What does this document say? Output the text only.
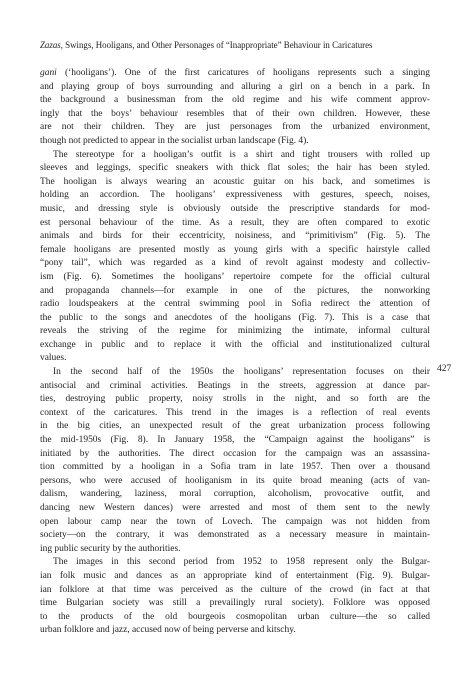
Zazas, Swings, Hooligans, and Other Personages of “Inappropriate” Behaviour in Caricatures
gani (‘hooligans’). One of the first caricatures of hooligans represents such a singing
and playing group of boys surrounding and alluring a girl on a bench in a park. In
the background a businessman from the old regime and his wife comment approv-
ingly that the boys’ behaviour resembles that of their own children. However, these
are not their children. They are just personages from the urbanized environment,
though not predicted to appear in the socialist urban landscape (Fig. 4).
The stereotype for a hooligan’s outfit is a shirt and tight trousers with rolled up
sleeves and leggings, specific sneakers with thick flat soles; the hair has been styled.
The hooligan is always wearing an acoustic guitar on his back, and sometimes is
holding an accordion. The hooligans’ expressiveness with gestures, speech, noises,
music, and dressing style is obviously outside the prescriptive standards for mod-
est personal behaviour of the time. As a result, they are often compared to exotic
animals and birds for their eccentricity, noisiness, and “primitivism” (Fig. 5). The
female hooligans are presented mostly as young girls with a specific hairstyle called
“pony tail”, which was regarded as a kind of revolt against modesty and collectiv-
ism (Fig. 6). Sometimes the hooligans’ repertoire compete for the official cultural
and propaganda channels—for example in one of the pictures, the nonworking
radio loudspeakers at the central swimming pool in Sofia redirect the attention of
the public to the songs and anecdotes of the hooligans (Fig. 7). This is a case that
reveals the striving of the regime for minimizing the intimate, informal cultural
exchange in public and to replace it with the official and institutionalized cultural
values.
In the second half of the 1950s the hooligans’ representation focuses on their
antisocial and criminal activities. Beatings in the streets, aggression at dance par-
ties, destroying public property, noisy strolls in the night, and so forth are the
context of the caricatures. This trend in the images is a reflection of real events
in the big cities, an unexpected result of the great urbanization process following
the mid-1950s (Fig. 8). In January 1958, the “Campaign against the hooligans” is
initiated by the authorities. The direct occasion for the campaign was an assassina-
tion committed by a hooligan in a Sofia tram in late 1957. Then over a thousand
persons, who were accused of hooliganism in its quite broad meaning (acts of van-
dalism, wandering, laziness, moral corruption, alcoholism, provocative outfit, and
dancing new Western dances) were arrested and most of them sent to the newly
open labour camp near the town of Lovech. The campaign was not hidden from
society—on the contrary, it was demonstrated as a necessary measure in maintain-
ing public security by the authorities.
The images in this second period from 1952 to 1958 represent only the Bulgar-
ian folk music and dances as an appropriate kind of entertainment (Fig. 9). Bulgar-
ian folklore at that time was perceived as the culture of the crowd (in fact at that
time Bulgarian society was still a prevailingly rural society). Folklore was opposed
to the products of the old bourgeois cosmopolitan urban culture—the so called
urban folklore and jazz, accused now of being perverse and kitschy.
427
